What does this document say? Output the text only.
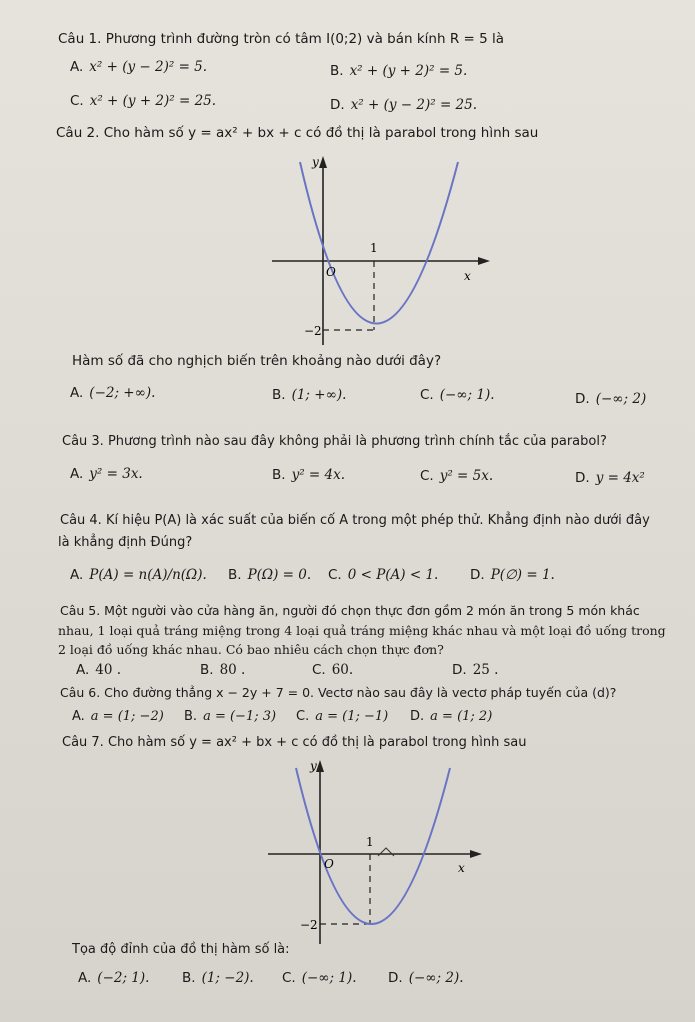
Câu 1. Phương trình đường tròn có tâm I(0;2) và bán kính R = 5 là
A. x² + (y − 2)² = 5.	B. x² + (y + 2)² = 5.
C. x² + (y + 2)² = 25.	D. x² + (y − 2)² = 25.
Câu 2. Cho hàm số y = ax² + bx + c có đồ thị là parabol trong hình sau
y
x
O
1
−2
Hàm số đã cho nghịch biến trên khoảng nào dưới đây?
A. (−2; +∞).	B. (1; +∞).	C. (−∞; 1).	D. (−∞; 2)
Câu 3. Phương trình nào sau đây không phải là phương trình chính tắc của parabol?
A. y² = 3x.	B. y² = 4x.	C. y² = 5x.	D. y = 4x²
Câu 4. Kí hiệu P(A) là xác suất của biến cố A trong một phép thử. Khẳng định nào dưới đây
là khẳng định Đúng?
A. P(A) = n(A)/n(Ω). B. P(Ω) = 0. C. 0 < P(A) < 1. D. P(∅) = 1.
Câu 5. Một người vào cửa hàng ăn, người đó chọn thực đơn gồm 2 món ăn trong 5 món khác
nhau, 1 loại quả tráng miệng trong 4 loại quả tráng miệng khác nhau và một loại đồ uống trong
2 loại đồ uống khác nhau. Có bao nhiêu cách chọn thực đơn?
A. 40 .	B. 80 .	C. 60.	D. 25 .
Câu 6. Cho đường thẳng x − 2y + 7 = 0. Vectơ nào sau đây là vectơ pháp tuyến của (d)?
A. a = (1; −2) B. a = (−1; 3) C. a = (1; −1) D. a = (1; 2)
Câu 7. Cho hàm số y = ax² + bx + c có đồ thị là parabol trong hình sau
y
x
O
1
−2
Tọa độ đỉnh của đồ thị hàm số là:
A. (−2; 1). B. (1; −2). C. (−∞; 1). D. (−∞; 2).
